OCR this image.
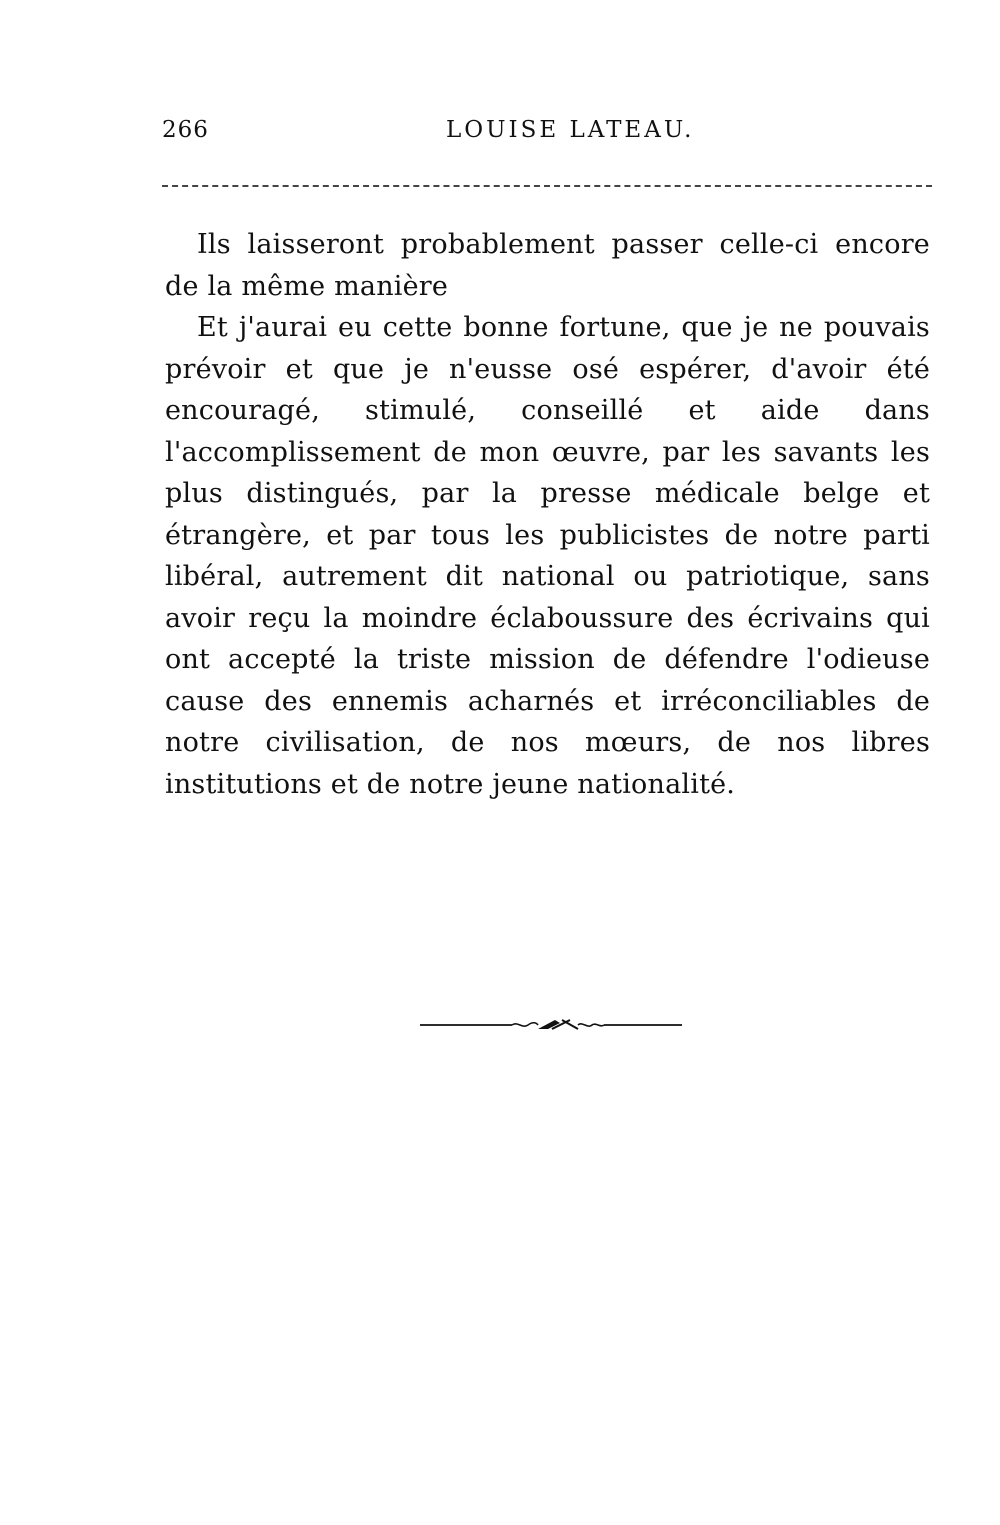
266	LOUISE LATEAU.

Ils laisseront probablement passer celle-ci encore de la même manière

Et j'aurai eu cette bonne fortune, que je ne pouvais prévoir et que je n'eusse osé espérer, d'avoir été encouragé, stimulé, conseillé et aide dans l'accomplissement de mon œuvre, par les savants les plus distingués, par la presse médicale belge et étrangère, et par tous les publicistes de notre parti libéral, autrement dit national ou patriotique, sans avoir reçu la moindre éclaboussure des écrivains qui ont accepté la triste mission de défendre l'odieuse cause des ennemis acharnés et irréconciliables de notre civilisation, de nos mœurs, de nos libres institutions et de notre jeune nationalité.
